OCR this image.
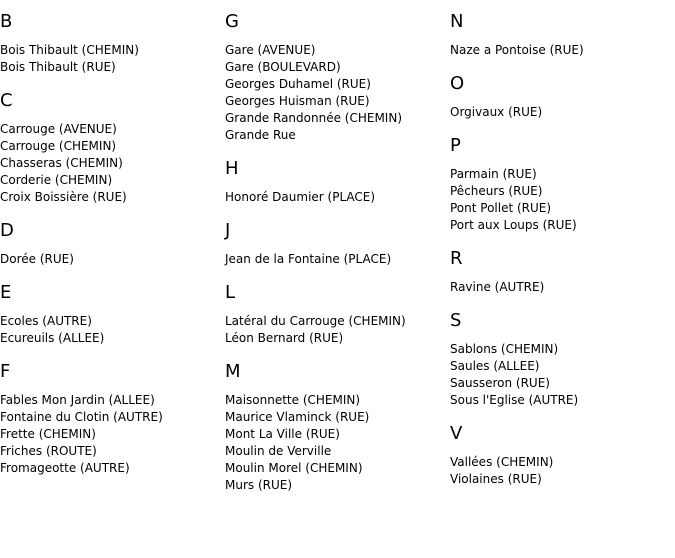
B
Bois Thibault (CHEMIN)
Bois Thibault (RUE)
C
Carrouge (AVENUE)
Carrouge (CHEMIN)
Chasseras (CHEMIN)
Corderie (CHEMIN)
Croix Boissière (RUE)
D
Dorée (RUE)
E
Ecoles (AUTRE)
Ecureuils (ALLEE)
F
Fables Mon Jardin (ALLEE)
Fontaine du Clotin (AUTRE)
Frette (CHEMIN)
Friches (ROUTE)
Fromageotte (AUTRE)
G
Gare (AVENUE)
Gare (BOULEVARD)
Georges Duhamel (RUE)
Georges Huisman (RUE)
Grande Randonnée (CHEMIN)
Grande Rue
H
Honoré Daumier (PLACE)
J
Jean de la Fontaine (PLACE)
L
Latéral du Carrouge (CHEMIN)
Léon Bernard (RUE)
M
Maisonnette (CHEMIN)
Maurice Vlaminck (RUE)
Mont La Ville (RUE)
Moulin de Verville
Moulin Morel (CHEMIN)
Murs (RUE)
N
Naze a Pontoise (RUE)
O
Orgivaux (RUE)
P
Parmain (RUE)
Pêcheurs (RUE)
Pont Pollet (RUE)
Port aux Loups (RUE)
R
Ravine (AUTRE)
S
Sablons (CHEMIN)
Saules (ALLEE)
Sausseron (RUE)
Sous l'Eglise (AUTRE)
V
Vallées (CHEMIN)
Violaines (RUE)
